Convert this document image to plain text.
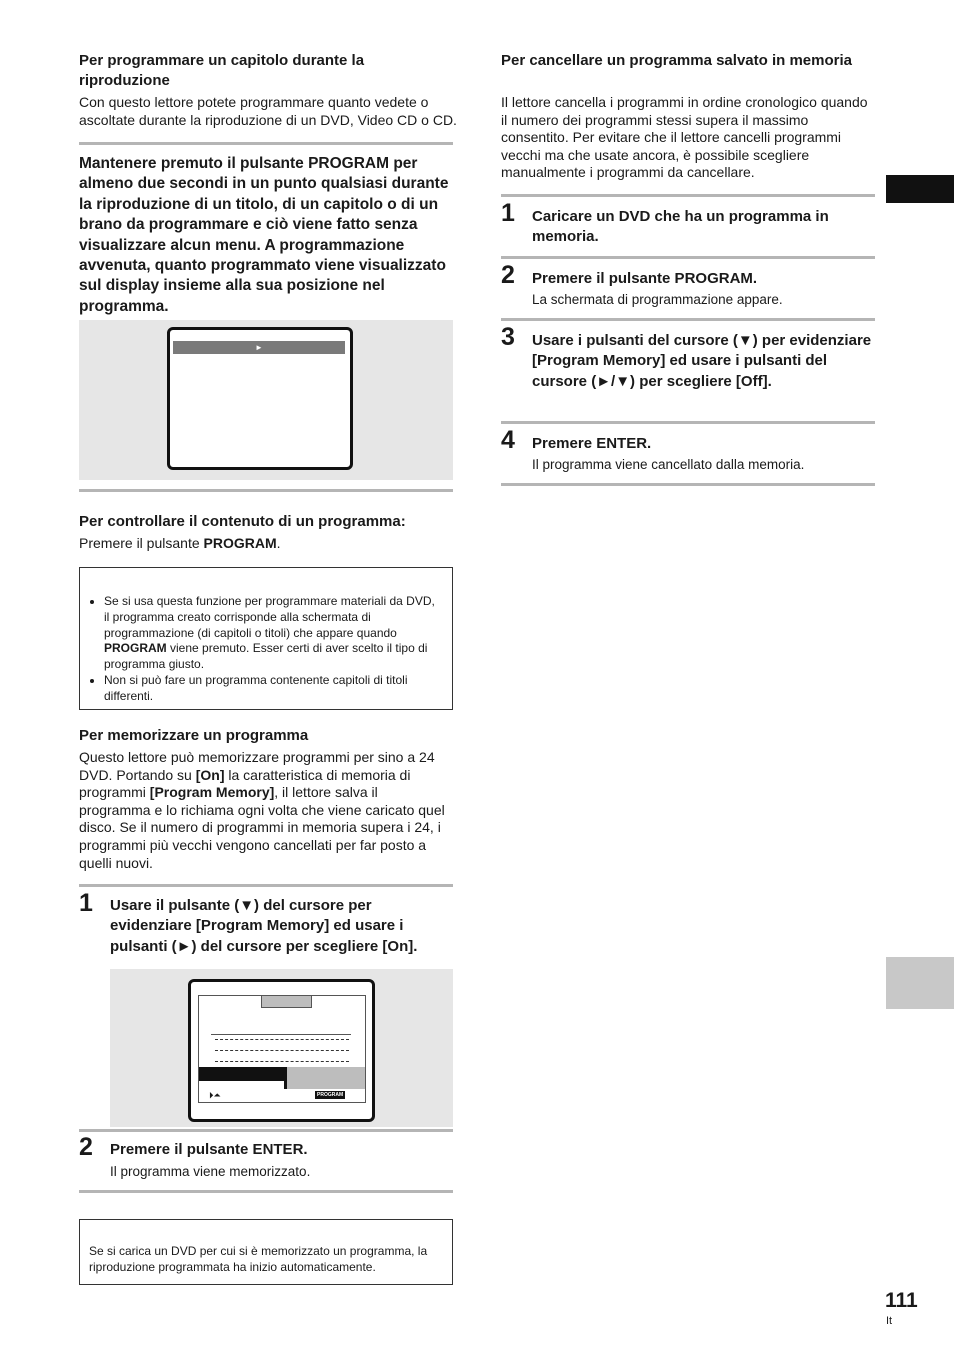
Per programmare un capitolo durante la riproduzione
Con questo lettore potete programmare quanto vedete o ascoltate durante la riproduzione di un DVD, Video CD o CD.
Mantenere premuto il pulsante PROGRAM per almeno due secondi in un punto qualsiasi durante la riproduzione di un titolo, di un capitolo o di un brano da programmare e ciò viene fatto senza visualizzare alcun menu. A programmazione avvenuta, quanto programmato viene visualizzato sul display insieme alla sua posizione nel programma.
►
Per controllare il contenuto di un programma:
Premere il pulsante PROGRAM.
• Se si usa questa funzione per programmare materiali da DVD, il programma creato corrisponde alla schermata di programmazione (di capitoli o titoli) che appare quando PROGRAM viene premuto. Esser certi di aver scelto il tipo di programma giusto.
• Non si può fare un programma contenente capitoli di titoli differenti.
Per memorizzare un programma
Questo lettore può memorizzare programmi per sino a 24 DVD. Portando su [On] la caratteristica di memoria di programmi [Program Memory], il lettore salva il programma e lo richiama ogni volta che viene caricato quel disco. Se il numero di programmi in memoria supera i 24, i programmi più vecchi vengono cancellati per far posto a quelli nuovi.
1 Usare il pulsante (▼) del cursore per evidenziare [Program Memory] ed usare i pulsanti (►) del cursore per scegliere [On].
⏵⏶	PROGRAM
2 Premere il pulsante ENTER.
Il programma viene memorizzato.
Se si carica un DVD per cui si è memorizzato un programma, la riproduzione programmata ha inizio automaticamente.
Per cancellare un programma salvato in memoria
Il lettore cancella i programmi in ordine cronologico quando il numero dei programmi stessi supera il massimo consentito. Per evitare che il lettore cancelli programmi vecchi ma che usate ancora, è possibile scegliere manualmente i programmi da cancellare.
1 Caricare un DVD che ha un programma in memoria.
2 Premere il pulsante PROGRAM.
La schermata di programmazione appare.
3 Usare i pulsanti del cursore (▼) per evidenziare [Program Memory] ed usare i pulsanti del cursore (►/▼) per scegliere [Off].
4 Premere ENTER.
Il programma viene cancellato dalla memoria.
111
It
